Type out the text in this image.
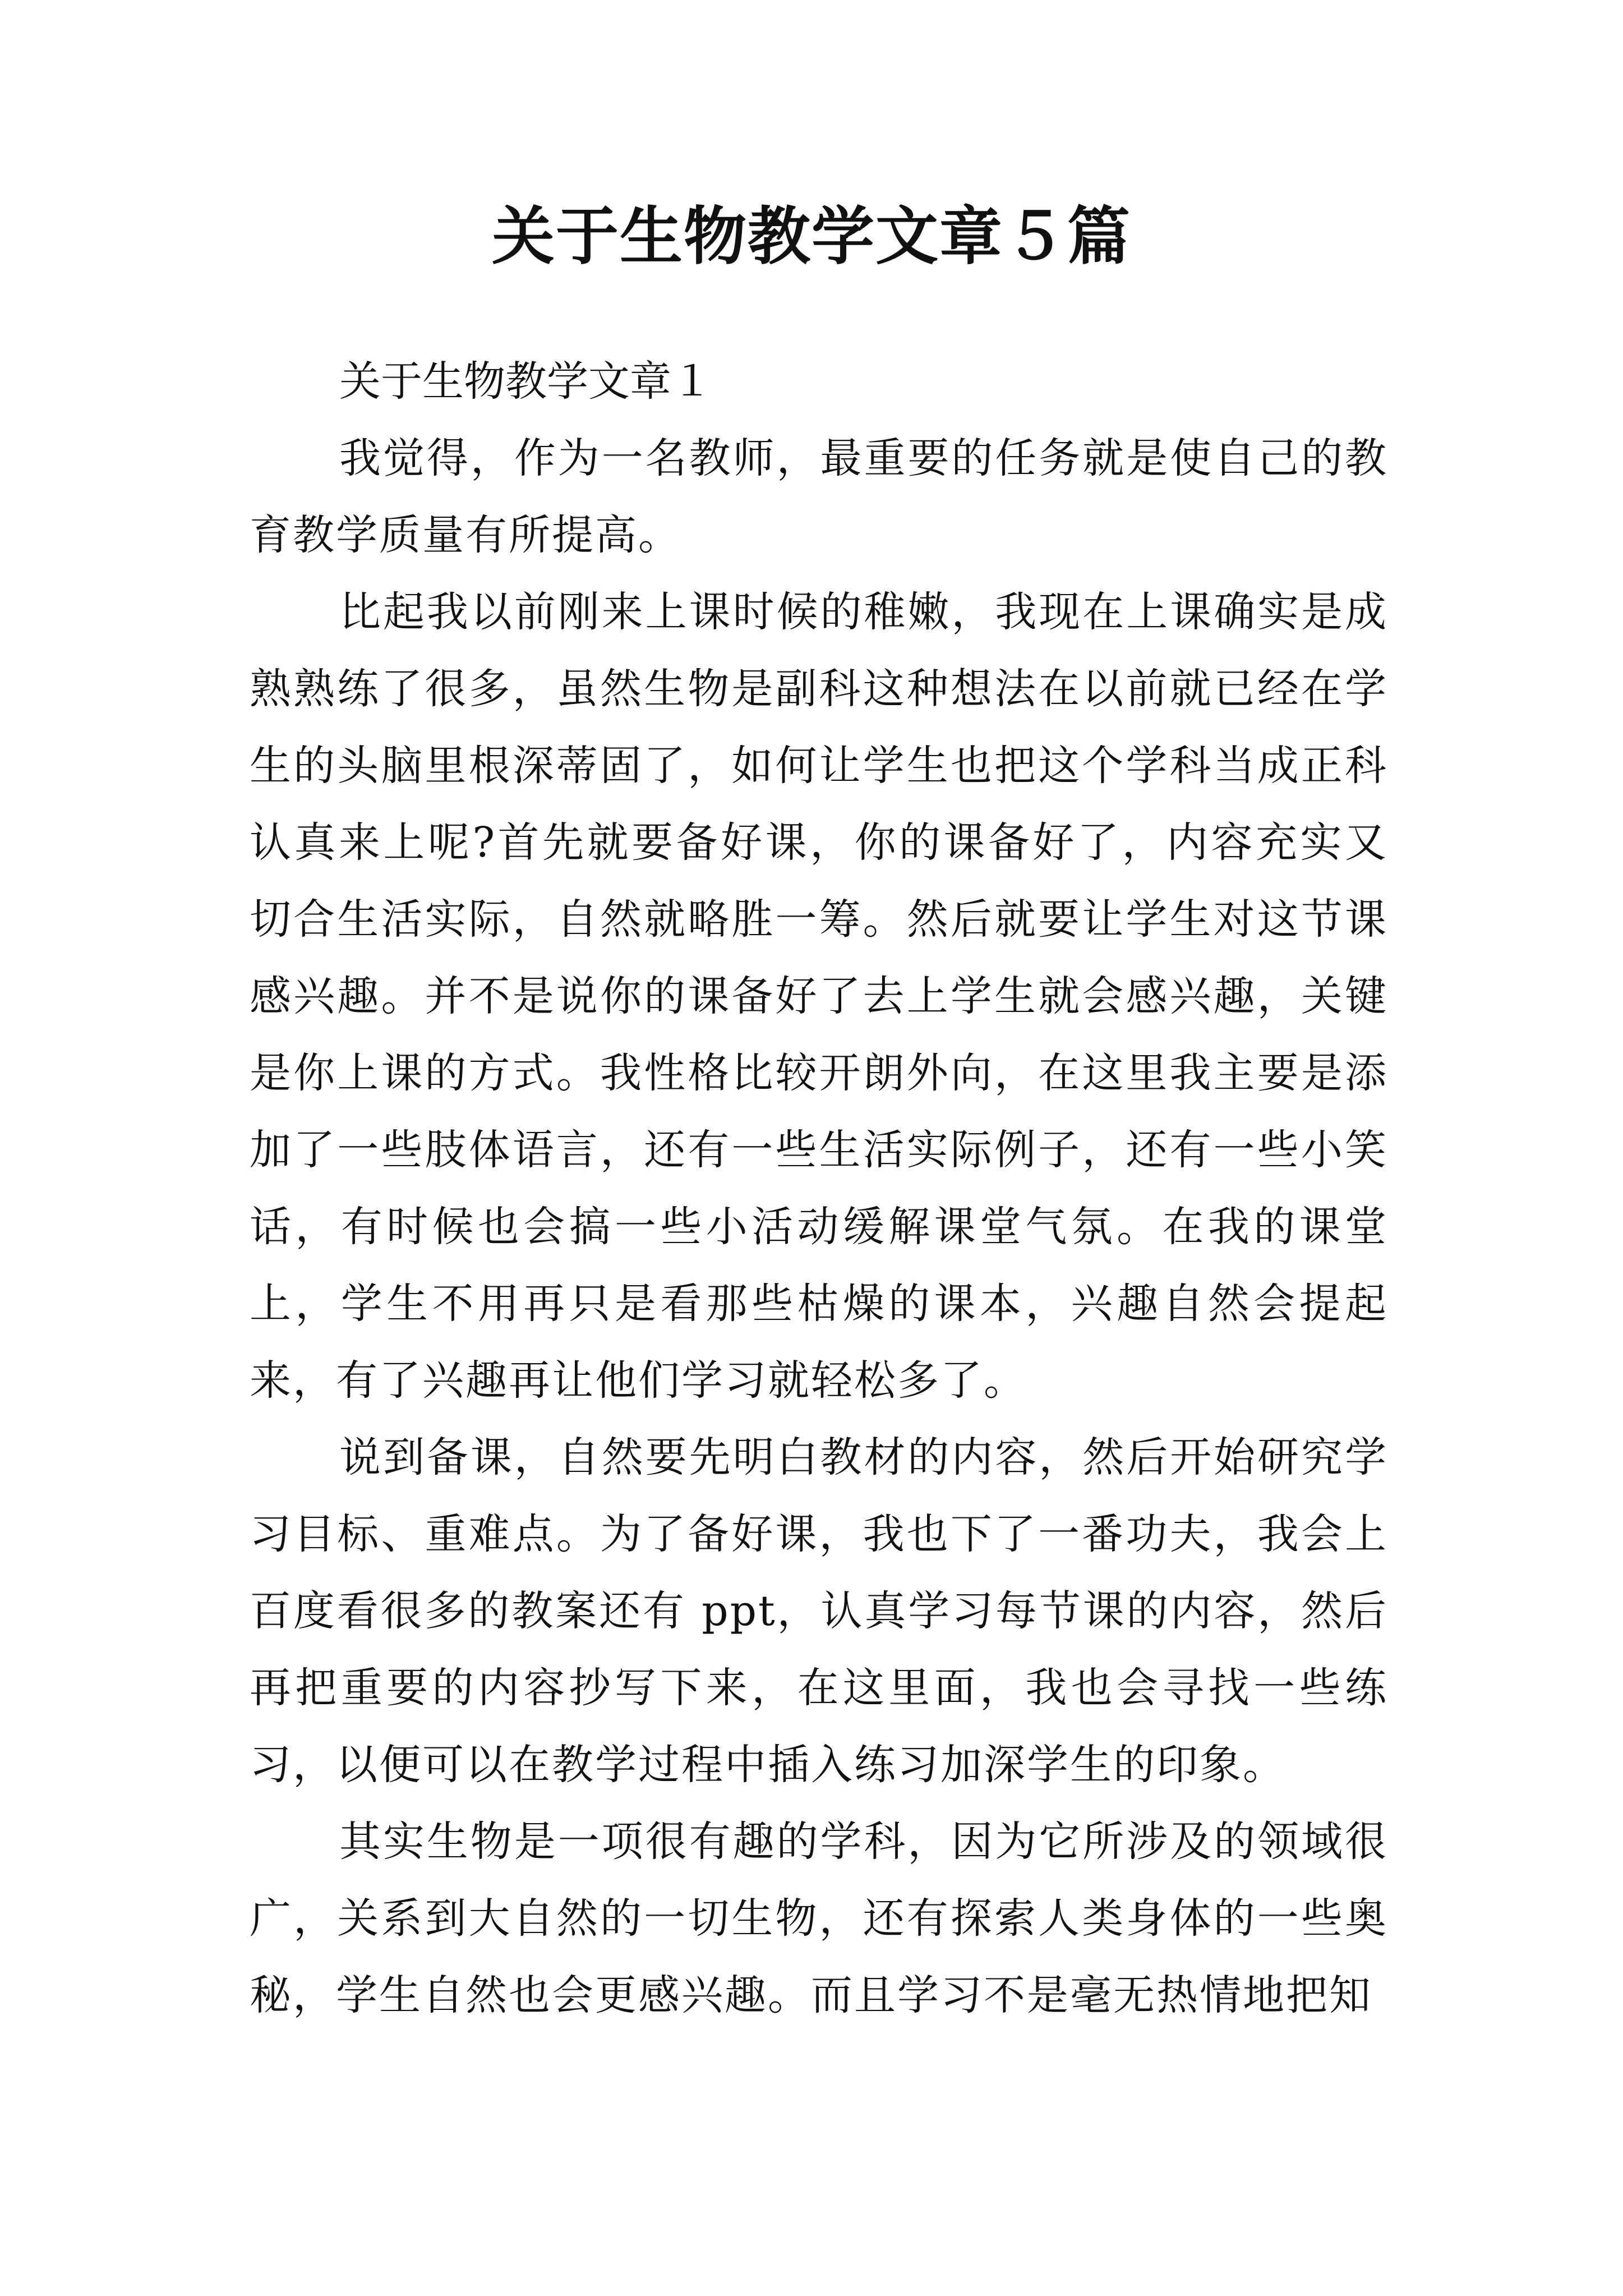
关于生物教学文章５篇

关于生物教学文章１

我觉得，作为一名教师，最重要的任务就是使自己的教育教学质量有所提高。

比起我以前刚来上课时候的稚嫩，我现在上课确实是成熟熟练了很多，虽然生物是副科这种想法在以前就已经在学生的头脑里根深蒂固了，如何让学生也把这个学科当成正科认真来上呢?首先就要备好课，你的课备好了，内容充实又切合生活实际，自然就略胜一筹。然后就要让学生对这节课感兴趣。并不是说你的课备好了去上学生就会感兴趣，关键是你上课的方式。我性格比较开朗外向，在这里我主要是添加了一些肢体语言，还有一些生活实际例子，还有一些小笑话，有时候也会搞一些小活动缓解课堂气氛。在我的课堂上，学生不用再只是看那些枯燥的课本，兴趣自然会提起来，有了兴趣再让他们学习就轻松多了。

说到备课，自然要先明白教材的内容，然后开始研究学习目标、重难点。为了备好课，我也下了一番功夫，我会上百度看很多的教案还有 ppt，认真学习每节课的内容，然后再把重要的内容抄写下来，在这里面，我也会寻找一些练习，以便可以在教学过程中插入练习加深学生的印象。

其实生物是一项很有趣的学科，因为它所涉及的领域很广，关系到大自然的一切生物，还有探索人类身体的一些奥秘，学生自然也会更感兴趣。而且学习不是毫无热情地把知
